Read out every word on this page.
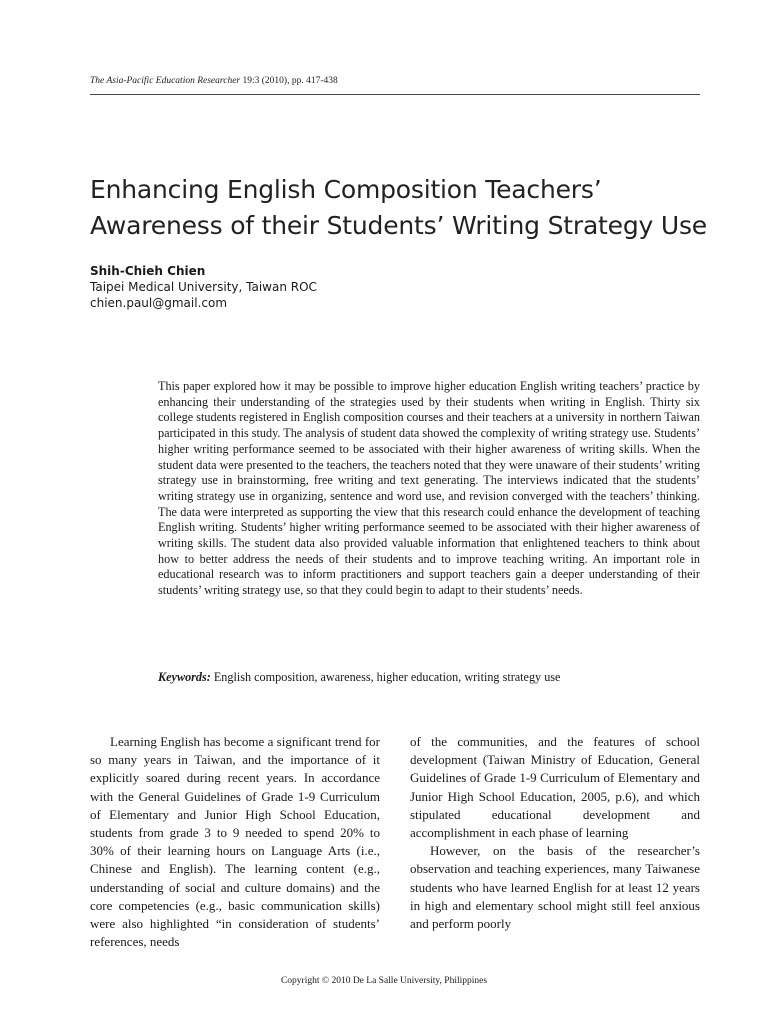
The Asia-Pacific Education Researcher 19:3 (2010), pp. 417-438
Enhancing English Composition Teachers’
Awareness of their Students’ Writing Strategy Use
Shih-Chieh Chien
Taipei Medical University, Taiwan ROC
chien.paul@gmail.com
This paper explored how it may be possible to improve higher education English writing teachers’ practice by enhancing their understanding of the strategies used by their students when writing in English. Thirty six college students registered in English composition courses and their teachers at a university in northern Taiwan participated in this study. The analysis of student data showed the complexity of writing strategy use. Students’ higher writing performance seemed to be associated with their higher awareness of writing skills. When the student data were presented to the teachers, the teachers noted that they were unaware of their students’ writing strategy use in brainstorming, free writing and text generating. The interviews indicated that the students’ writing strategy use in organizing, sentence and word use, and revision converged with the teachers’ thinking. The data were interpreted as supporting the view that this research could enhance the development of teaching English writing. Students’ higher writing performance seemed to be associated with their higher awareness of writing skills. The student data also provided valuable information that enlightened teachers to think about how to better address the needs of their students and to improve teaching writing. An important role in educational research was to inform practitioners and support teachers gain a deeper understanding of their students’ writing strategy use, so that they could begin to adapt to their students’ needs.
Keywords: English composition, awareness, higher education, writing strategy use

Learning English has become a significant trend for so many years in Taiwan, and the importance of it explicitly soared during recent years. In accordance with the General Guidelines of Grade 1-9 Curriculum of Elementary and Junior High School Education, students from grade 3 to 9 needed to spend 20% to 30% of their learning hours on Language Arts (i.e., Chinese and English). The learning content (e.g., understanding of social and culture domains) and the core competencies (e.g., basic communication skills) were also highlighted “in consideration of students’ references, needs

of the communities, and the features of school development (Taiwan Ministry of Education, General Guidelines of Grade 1-9 Curriculum of Elementary and Junior High School Education, 2005, p.6), and which stipulated educational development and accomplishment in each phase of learning

However, on the basis of the researcher’s observation and teaching experiences, many Taiwanese students who have learned English for at least 12 years in high and elementary school might still feel anxious and perform poorly

Copyright © 2010 De La Salle University, Philippines
